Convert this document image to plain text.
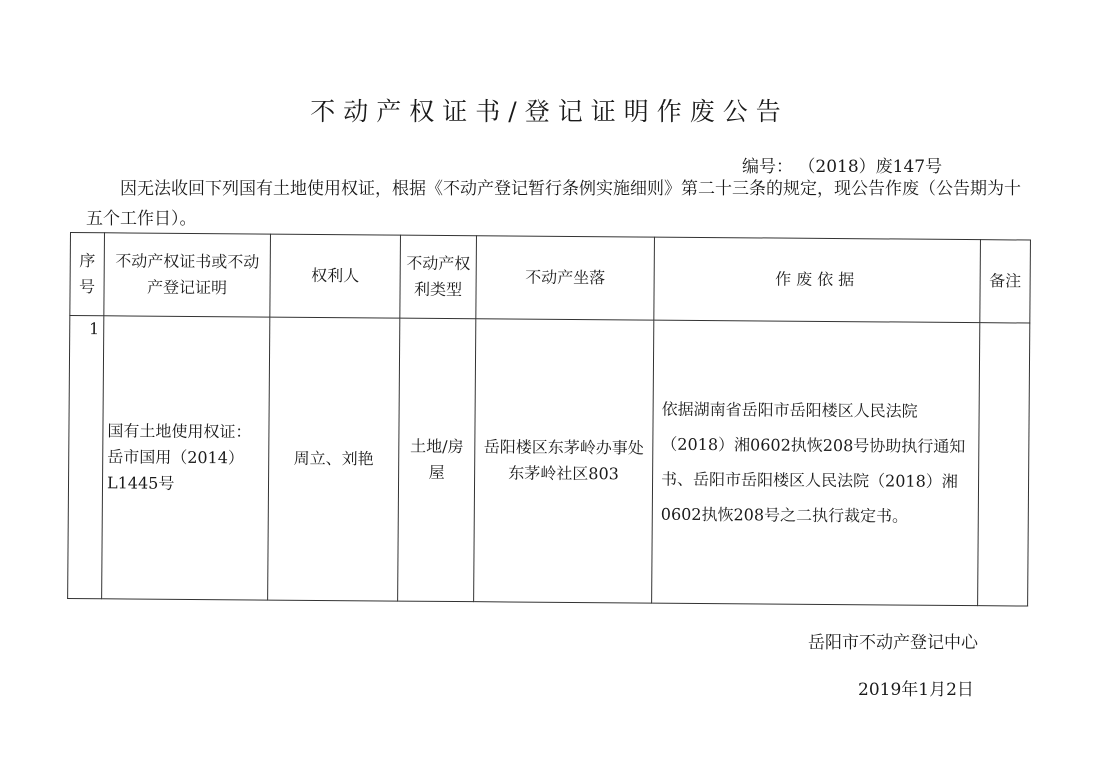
不动产权证书/登记证明作废公告
编号： （2018）废147号
因无法收回下列国有土地使用权证，根据《不动产登记暂行条例实施细则》第二十三条的规定，现公告作废（公告期为十五个工作日）。
序号	不动产权证书或不动产登记证明	权利人	不动产权利类型	不动产坐落	作废依据	备注
1	国有土地使用权证：岳市国用（2014）L1445号	周立、刘艳	土地/房屋	岳阳楼区东茅岭办事处东茅岭社区803	依据湖南省岳阳市岳阳楼区人民法院（2018）湘0602执恢208号协助执行通知书、岳阳市岳阳楼区人民法院（2018）湘0602执恢208号之二执行裁定书。	
岳阳市不动产登记中心
2019年1月2日
